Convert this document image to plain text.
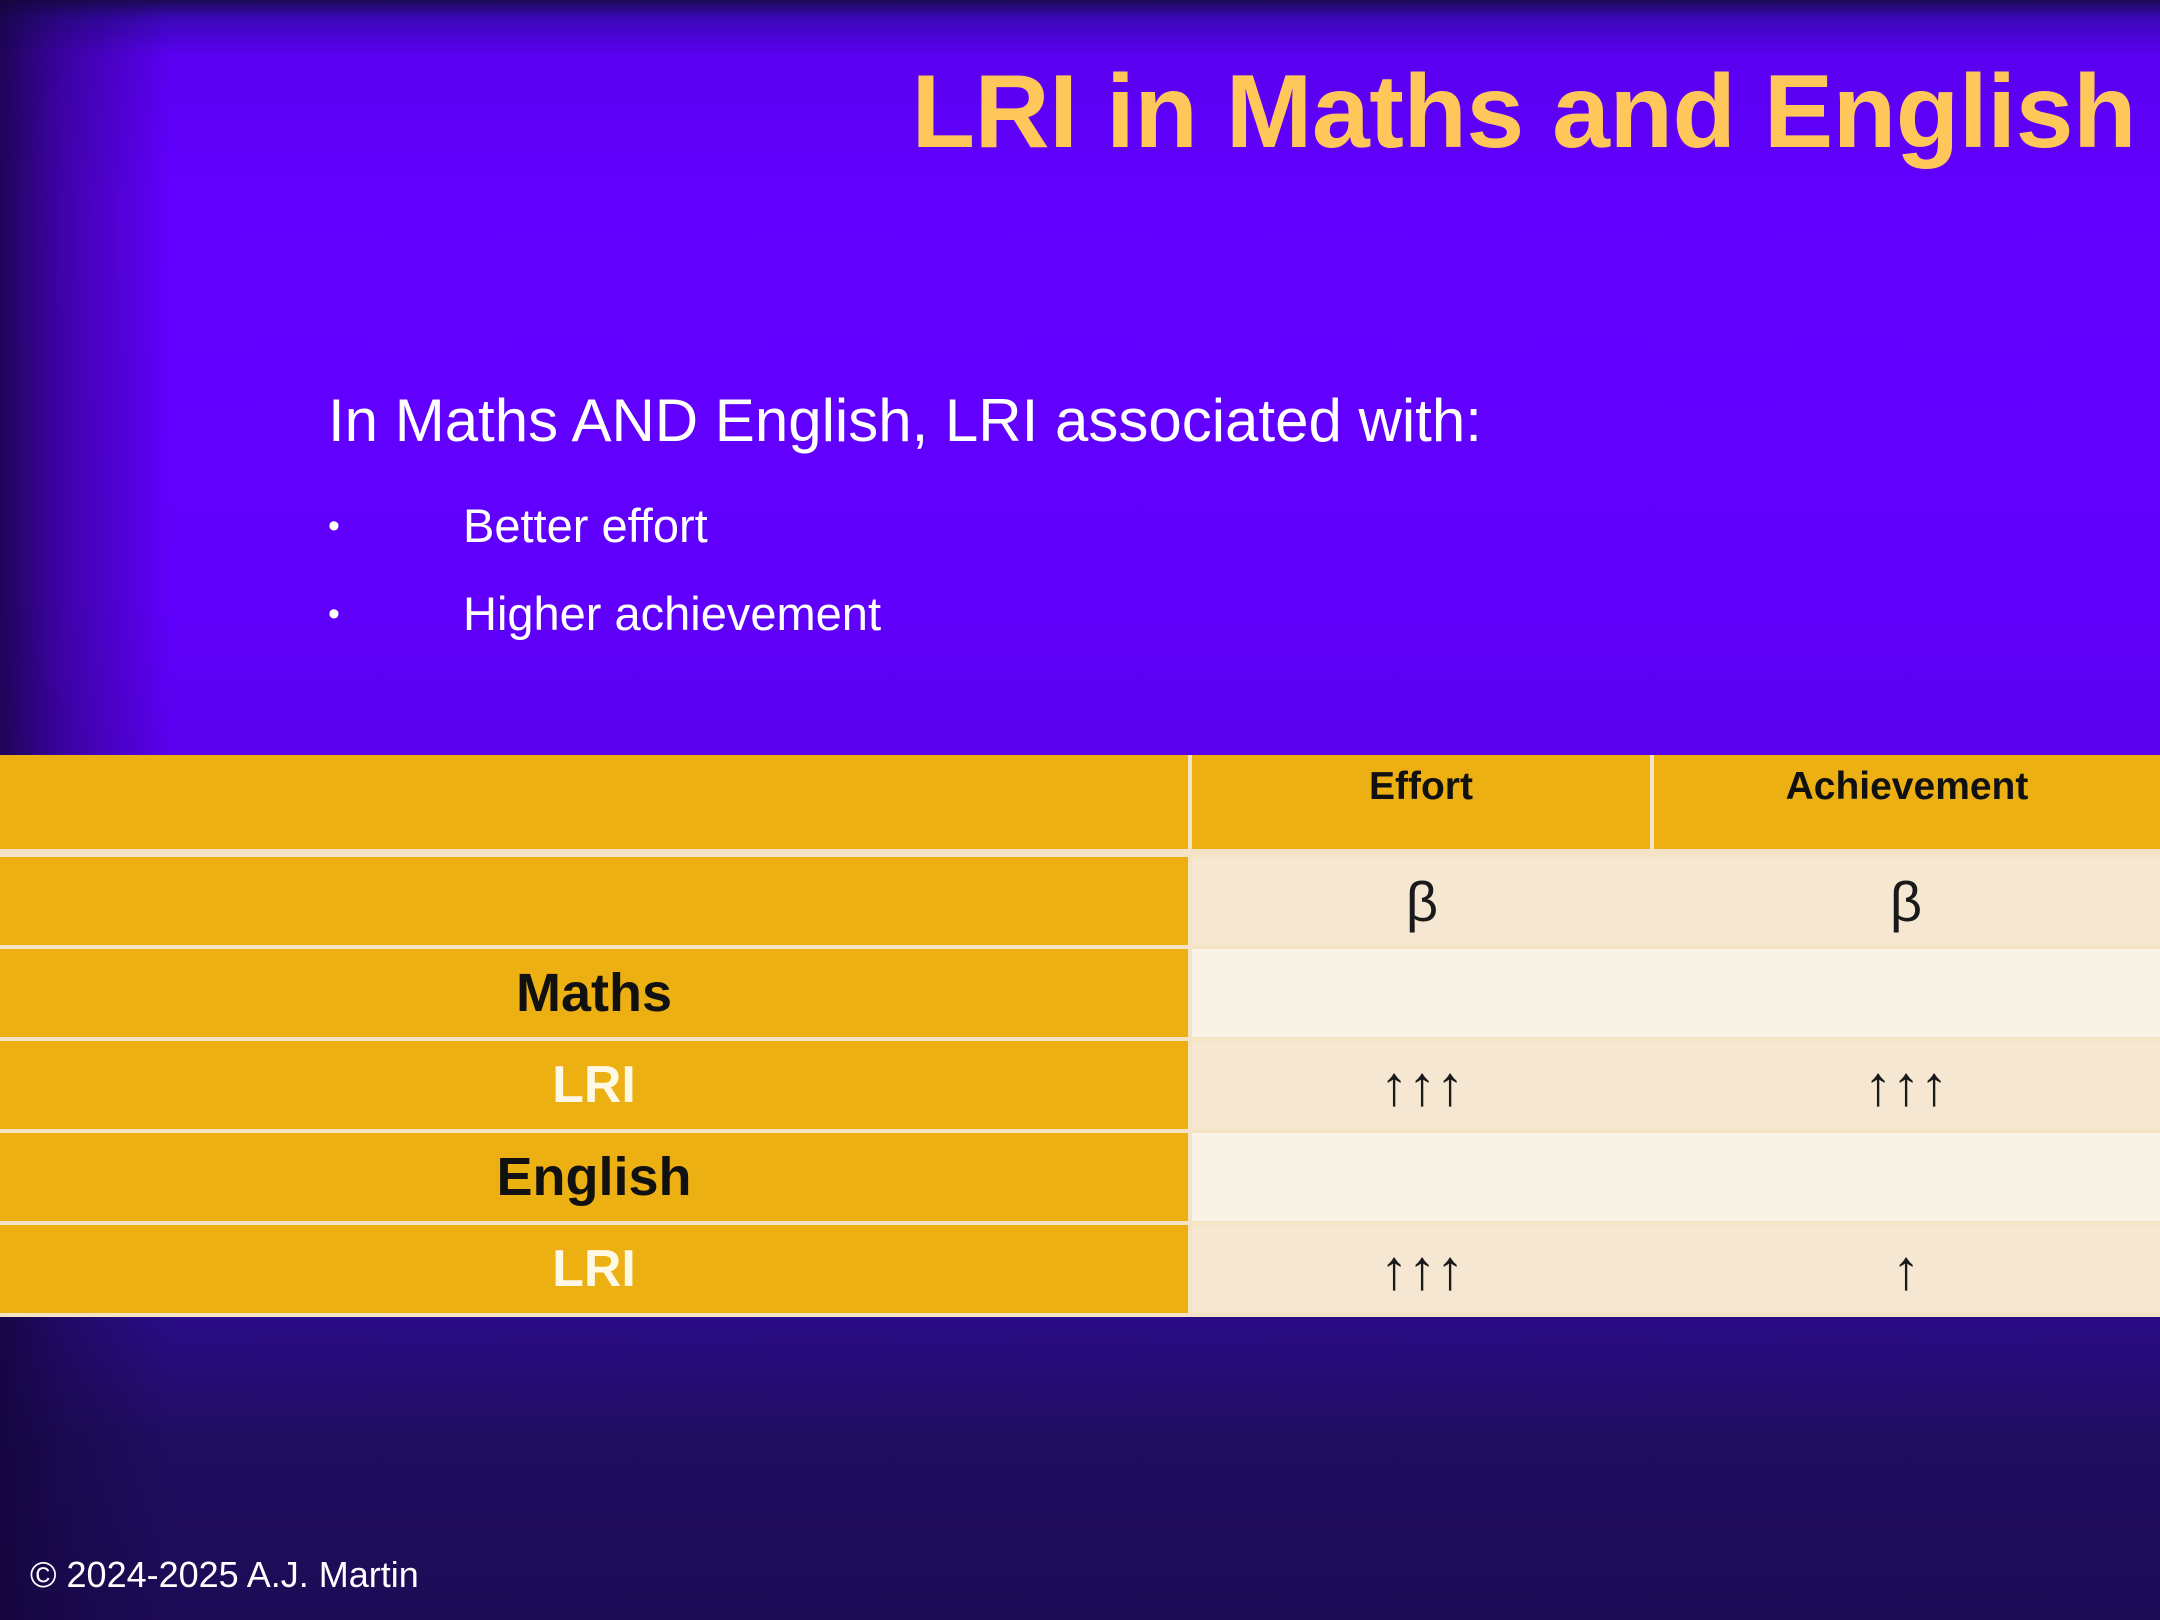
LRI in Maths and English
In Maths AND English, LRI associated with:
•	Better effort
•	Higher achievement
	Effort	Achievement
	β	β
Maths		
LRI	↑↑↑	↑↑↑
English		
LRI	↑↑↑	↑
© 2024-2025 A.J. Martin
